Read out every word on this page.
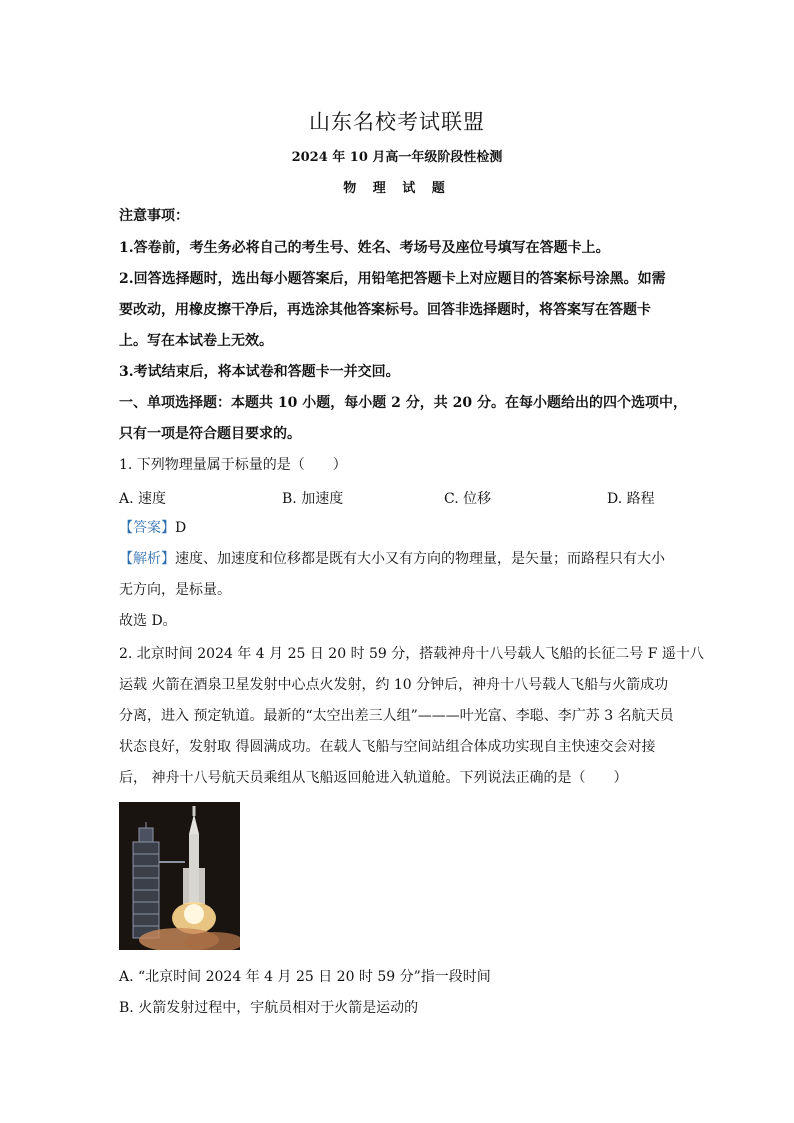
山东名校考试联盟
2024 年 10 月高一年级阶段性检测
物 理 试 题
注意事项：
1.答卷前，考生务必将自己的考生号、姓名、考场号及座位号填写在答题卡上。
2.回答选择题时，选出每小题答案后，用铅笔把答题卡上对应题目的答案标号涂黑。如需
要改动，用橡皮擦干净后，再选涂其他答案标号。回答非选择题时，将答案写在答题卡
上。写在本试卷上无效。
3.考试结束后，将本试卷和答题卡一并交回。
一、单项选择题：本题共 10 小题，每小题 2 分，共 20 分。在每小题给出的四个选项中，
只有一项是符合题目要求的。
1. 下列物理量属于标量的是（　　）
A. 速度	B. 加速度	C. 位移	D. 路程
【答案】D
【解析】速度、加速度和位移都是既有大小又有方向的物理量，是矢量；而路程只有大小
无方向，是标量。
故选 D。
2. 北京时间 2024 年 4 月 25 日 20 时 59 分，搭载神舟十八号载人飞船的长征二号 F 遥十八
运载 火箭在酒泉卫星发射中心点火发射，约 10 分钟后，神舟十八号载人飞船与火箭成功
分离，进入 预定轨道。最新的“太空出差三人组”———叶光富、李聪、李广苏 3 名航天员
状态良好，发射取 得圆满成功。在载人飞船与空间站组合体成功实现自主快速交会对接
后， 神舟十八号航天员乘组从飞船返回舱进入轨道舱。下列说法正确的是（　　）
A. “北京时间 2024 年 4 月 25 日 20 时 59 分”指一段时间
B. 火箭发射过程中，宇航员相对于火箭是运动的
